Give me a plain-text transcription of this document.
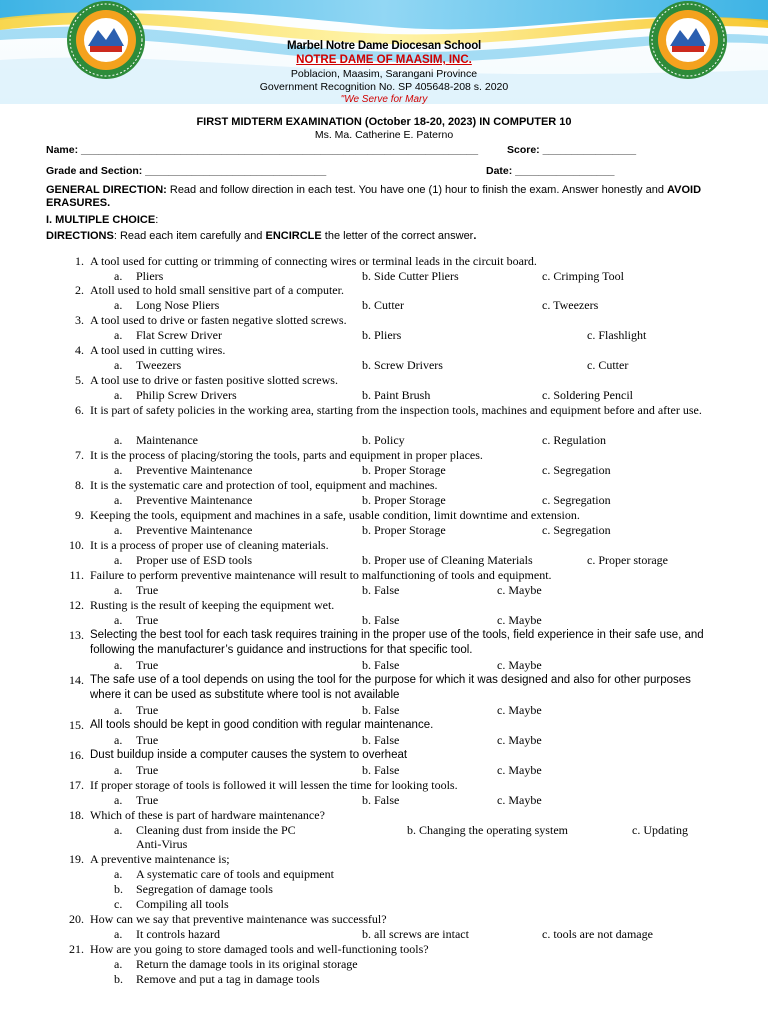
Marbel Notre Dame Diocesan School
NOTRE DAME OF MAASIM, INC.
Poblacion, Maasim, Sarangani Province
Government Recognition No. SP 405648-208 s. 2020
"We Serve for Mary
FIRST MIDTERM EXAMINATION (October 18-20, 2023) IN COMPUTER 10
Ms. Ma. Catherine E. Paterno
Name: ____________________________________________________________________	Score: ________________
Grade and Section: _______________________________	Date: _________________
GENERAL DIRECTION: Read and follow direction in each test. You have one (1) hour to finish the exam. Answer honestly and AVOID ERASURES.
I. MULTIPLE CHOICE:
DIRECTIONS: Read each item carefully and ENCIRCLE the letter of the correct answer.
1. A tool used for cutting or trimming of connecting wires or terminal leads in the circuit board.
a. Pliers	b. Side Cutter Pliers	c. Crimping Tool
2. Atoll used to hold small sensitive part of a computer.
a. Long Nose Pliers	b. Cutter	c. Tweezers
3. A tool used to drive or fasten negative slotted screws.
a. Flat Screw Driver	b. Pliers	c. Flashlight
4. A tool used in cutting wires.
a. Tweezers	b. Screw Drivers	c. Cutter
5. A tool use to drive or fasten positive slotted screws.
a. Philip Screw Drivers	b. Paint Brush	c. Soldering Pencil
6. It is part of safety policies in the working area, starting from the inspection tools, machines and equipment before and after use.
a. Maintenance	b. Policy	c. Regulation
7. It is the process of placing/storing the tools, parts and equipment in proper places.
a. Preventive Maintenance	b. Proper Storage	c. Segregation
8. It is the systematic care and protection of tool, equipment and machines.
a. Preventive Maintenance	b. Proper Storage	c. Segregation
9. Keeping the tools, equipment and machines in a safe, usable condition, limit downtime and extension.
a. Preventive Maintenance	b. Proper Storage	c. Segregation
10. It is a process of proper use of cleaning materials.
a. Proper use of ESD tools	b. Proper use of Cleaning Materials	c. Proper storage
11. Failure to perform preventive maintenance will result to malfunctioning of tools and equipment.
a. True	b. False	c. Maybe
12. Rusting is the result of keeping the equipment wet.
a. True	b. False	c. Maybe
13. Selecting the best tool for each task requires training in the proper use of the tools, field experience in their safe use, and following the manufacturer’s guidance and instructions for that specific tool.
a. True	b. False	c. Maybe
14. The safe use of a tool depends on using the tool for the purpose for which it was designed and also for other purposes where it can be used as substitute where tool is not available
a. True	b. False	c. Maybe
15. All tools should be kept in good condition with regular maintenance.
a. True	b. False	c. Maybe
16. Dust buildup inside a computer causes the system to overheat
a. True	b. False	c. Maybe
17. If proper storage of tools is followed it will lessen the time for looking tools.
a. True	b. False	c. Maybe
18. Which of these is part of hardware maintenance?
a. Cleaning dust from inside the PC	b. Changing the operating system	c. Updating
Anti-Virus
19. A preventive maintenance is;
a. A systematic care of tools and equipment
b. Segregation of damage tools
c. Compiling all tools
20. How can we say that preventive maintenance was successful?
a. It controls hazard	b. all screws are intact	c. tools are not damage
21. How are you going to store damaged tools and well-functioning tools?
a. Return the damage tools in its original storage
b. Remove and put a tag in damage tools
